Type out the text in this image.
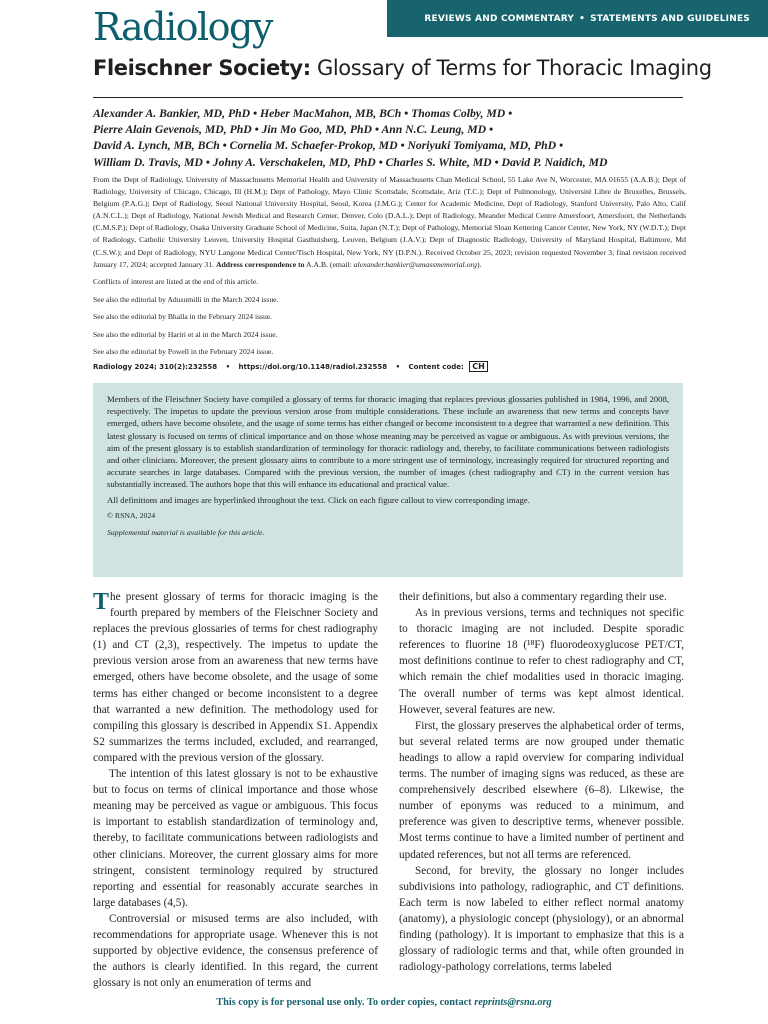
Radiology	REVIEWS AND COMMENTARY • STATEMENTS AND GUIDELINES
Fleischner Society: Glossary of Terms for Thoracic Imaging
Alexander A. Bankier, MD, PhD • Heber MacMahon, MB, BCh • Thomas Colby, MD •
Pierre Alain Gevenois, MD, PhD • Jin Mo Goo, MD, PhD • Ann N.C. Leung, MD •
David A. Lynch, MB, BCh • Cornelia M. Schaefer-Prokop, MD • Noriyuki Tomiyama, MD, PhD •
William D. Travis, MD • Johny A. Verschakelen, MD, PhD • Charles S. White, MD • David P. Naidich, MD
From the Dept of Radiology, University of Massachusetts Memorial Health and University of Massachusetts Chan Medical School, 55 Lake Ave N, Worcester, MA 01655 (A.A.B.); Dept of Radiology, University of Chicago, Chicago, Ill (H.M.); Dept of Pathology, Mayo Clinic Scottsdale, Scottsdale, Ariz (T.C.); Dept of Pulmonology, Université Libre de Bruxelles, Brussels, Belgium (P.A.G.); Dept of Radiology, Seoul National University Hospital, Seoul, Korea (J.M.G.); Center for Academic Medicine, Dept of Radiology, Stanford University, Palo Alto, Calif (A.N.C.L.); Dept of Radiology, National Jewish Medical and Research Center, Denver, Colo (D.A.L.); Dept of Radiology, Meander Medical Centre Amersfoort, Amersfoort, the Netherlands (C.M.S.P.); Dept of Radiology, Osaka University Graduate School of Medicine, Suita, Japan (N.T.); Dept of Pathology, Memorial Sloan Kettering Cancer Center, New York, NY (W.D.T.); Dept of Radiology, Catholic University Leuven, University Hospital Gasthuisberg, Leuven, Belgium (J.A.V.); Dept of Diagnostic Radiology, University of Maryland Hospital, Baltimore, Md (C.S.W.); and Dept of Radiology, NYU Langone Medical Center/Tisch Hospital, New York, NY (D.P.N.). Received October 25, 2023; revision requested November 3; final revision received January 17, 2024; accepted January 31. Address correspondence to A.A.B. (email: alexander.bankier@umassmemorial.org).
Conflicts of interest are listed at the end of this article.
See also the editorial by Adusumilli in the March 2024 issue.
See also the editorial by Bhalla in the February 2024 issue.
See also the editorial by Hariri et al in the March 2024 issue.
See also the editorial by Powell in the February 2024 issue.
Radiology 2024; 310(2):232558 • https://doi.org/10.1148/radiol.232558 • Content code: CH
Members of the Fleischner Society have compiled a glossary of terms for thoracic imaging that replaces previous glossaries published in 1984, 1996, and 2008, respectively. The impetus to update the previous version arose from multiple considerations. These include an awareness that new terms and concepts have emerged, others have become obsolete, and the usage of some terms has either changed or become inconsistent to a degree that warranted a new definition. This latest glossary is focused on terms of clinical importance and on those whose meaning may be perceived as vague or ambiguous. As with previous versions, the aim of the present glossary is to establish standardization of terminology for thoracic radiology and, thereby, to facilitate communications between radiologists and other clinicians. Moreover, the present glossary aims to contribute to a more stringent use of terminology, increasingly required for structured reporting and accurate searches in large databases. Compared with the previous version, the number of images (chest radiography and CT) in the current version has substantially increased. The authors hope that this will enhance its educational and practical value.
All definitions and images are hyperlinked throughout the text. Click on each figure callout to view corresponding image.
© RSNA, 2024
Supplemental material is available for this article.

The present glossary of terms for thoracic imaging is the fourth prepared by members of the Fleischner Society and replaces the previous glossaries of terms for chest radiography (1) and CT (2,3), respectively. The impetus to update the previous version arose from an awareness that new terms have emerged, others have become obsolete, and the usage of some terms has either changed or become inconsistent to a degree that warranted a new definition. The methodology used for compiling this glossary is described in Appendix S1. Appendix S2 summarizes the terms included, excluded, and rearranged, compared with the previous version of the glossary.

The intention of this latest glossary is not to be exhaustive but to focus on terms of clinical importance and those whose meaning may be perceived as vague or ambiguous. This focus is important to establish standardization of terminology and, thereby, to facilitate communications between radiologists and other clinicians. Moreover, the current glossary aims for more stringent, consistent terminology required by structured reporting and essential for reasonably accurate searches in large databases (4,5).

Controversial or misused terms are also included, with recommendations for appropriate usage. Whenever this is not supported by objective evidence, the consensus preference of the authors is clearly identified. In this regard, the current glossary is not only an enumeration of terms and

their definitions, but also a commentary regarding their use.

As in previous versions, terms and techniques not specific to thoracic imaging are not included. Despite sporadic references to fluorine 18 (¹⁸F) fluorodeoxyglucose PET/CT, most definitions continue to refer to chest radiography and CT, which remain the chief modalities used in thoracic imaging. The overall number of terms was kept almost identical. However, several features are new.

First, the glossary preserves the alphabetical order of terms, but several related terms are now grouped under thematic headings to allow a rapid overview for comparing individual terms. The number of imaging signs was reduced, as these are comprehensively described elsewhere (6–8). Likewise, the number of eponyms was reduced to a minimum, and preference was given to descriptive terms, whenever possible. Most terms continue to have a limited number of pertinent and updated references, but not all terms are referenced.

Second, for brevity, the glossary no longer includes subdivisions into pathology, radiographic, and CT definitions. Each term is now labeled to either reflect normal anatomy (anatomy), a physiologic concept (physiology), or an abnormal finding (pathology). It is important to emphasize that this is a glossary of radiologic terms and that, while often grounded in radiology-pathology correlations, terms labeled

This copy is for personal use only. To order copies, contact reprints@rsna.org
